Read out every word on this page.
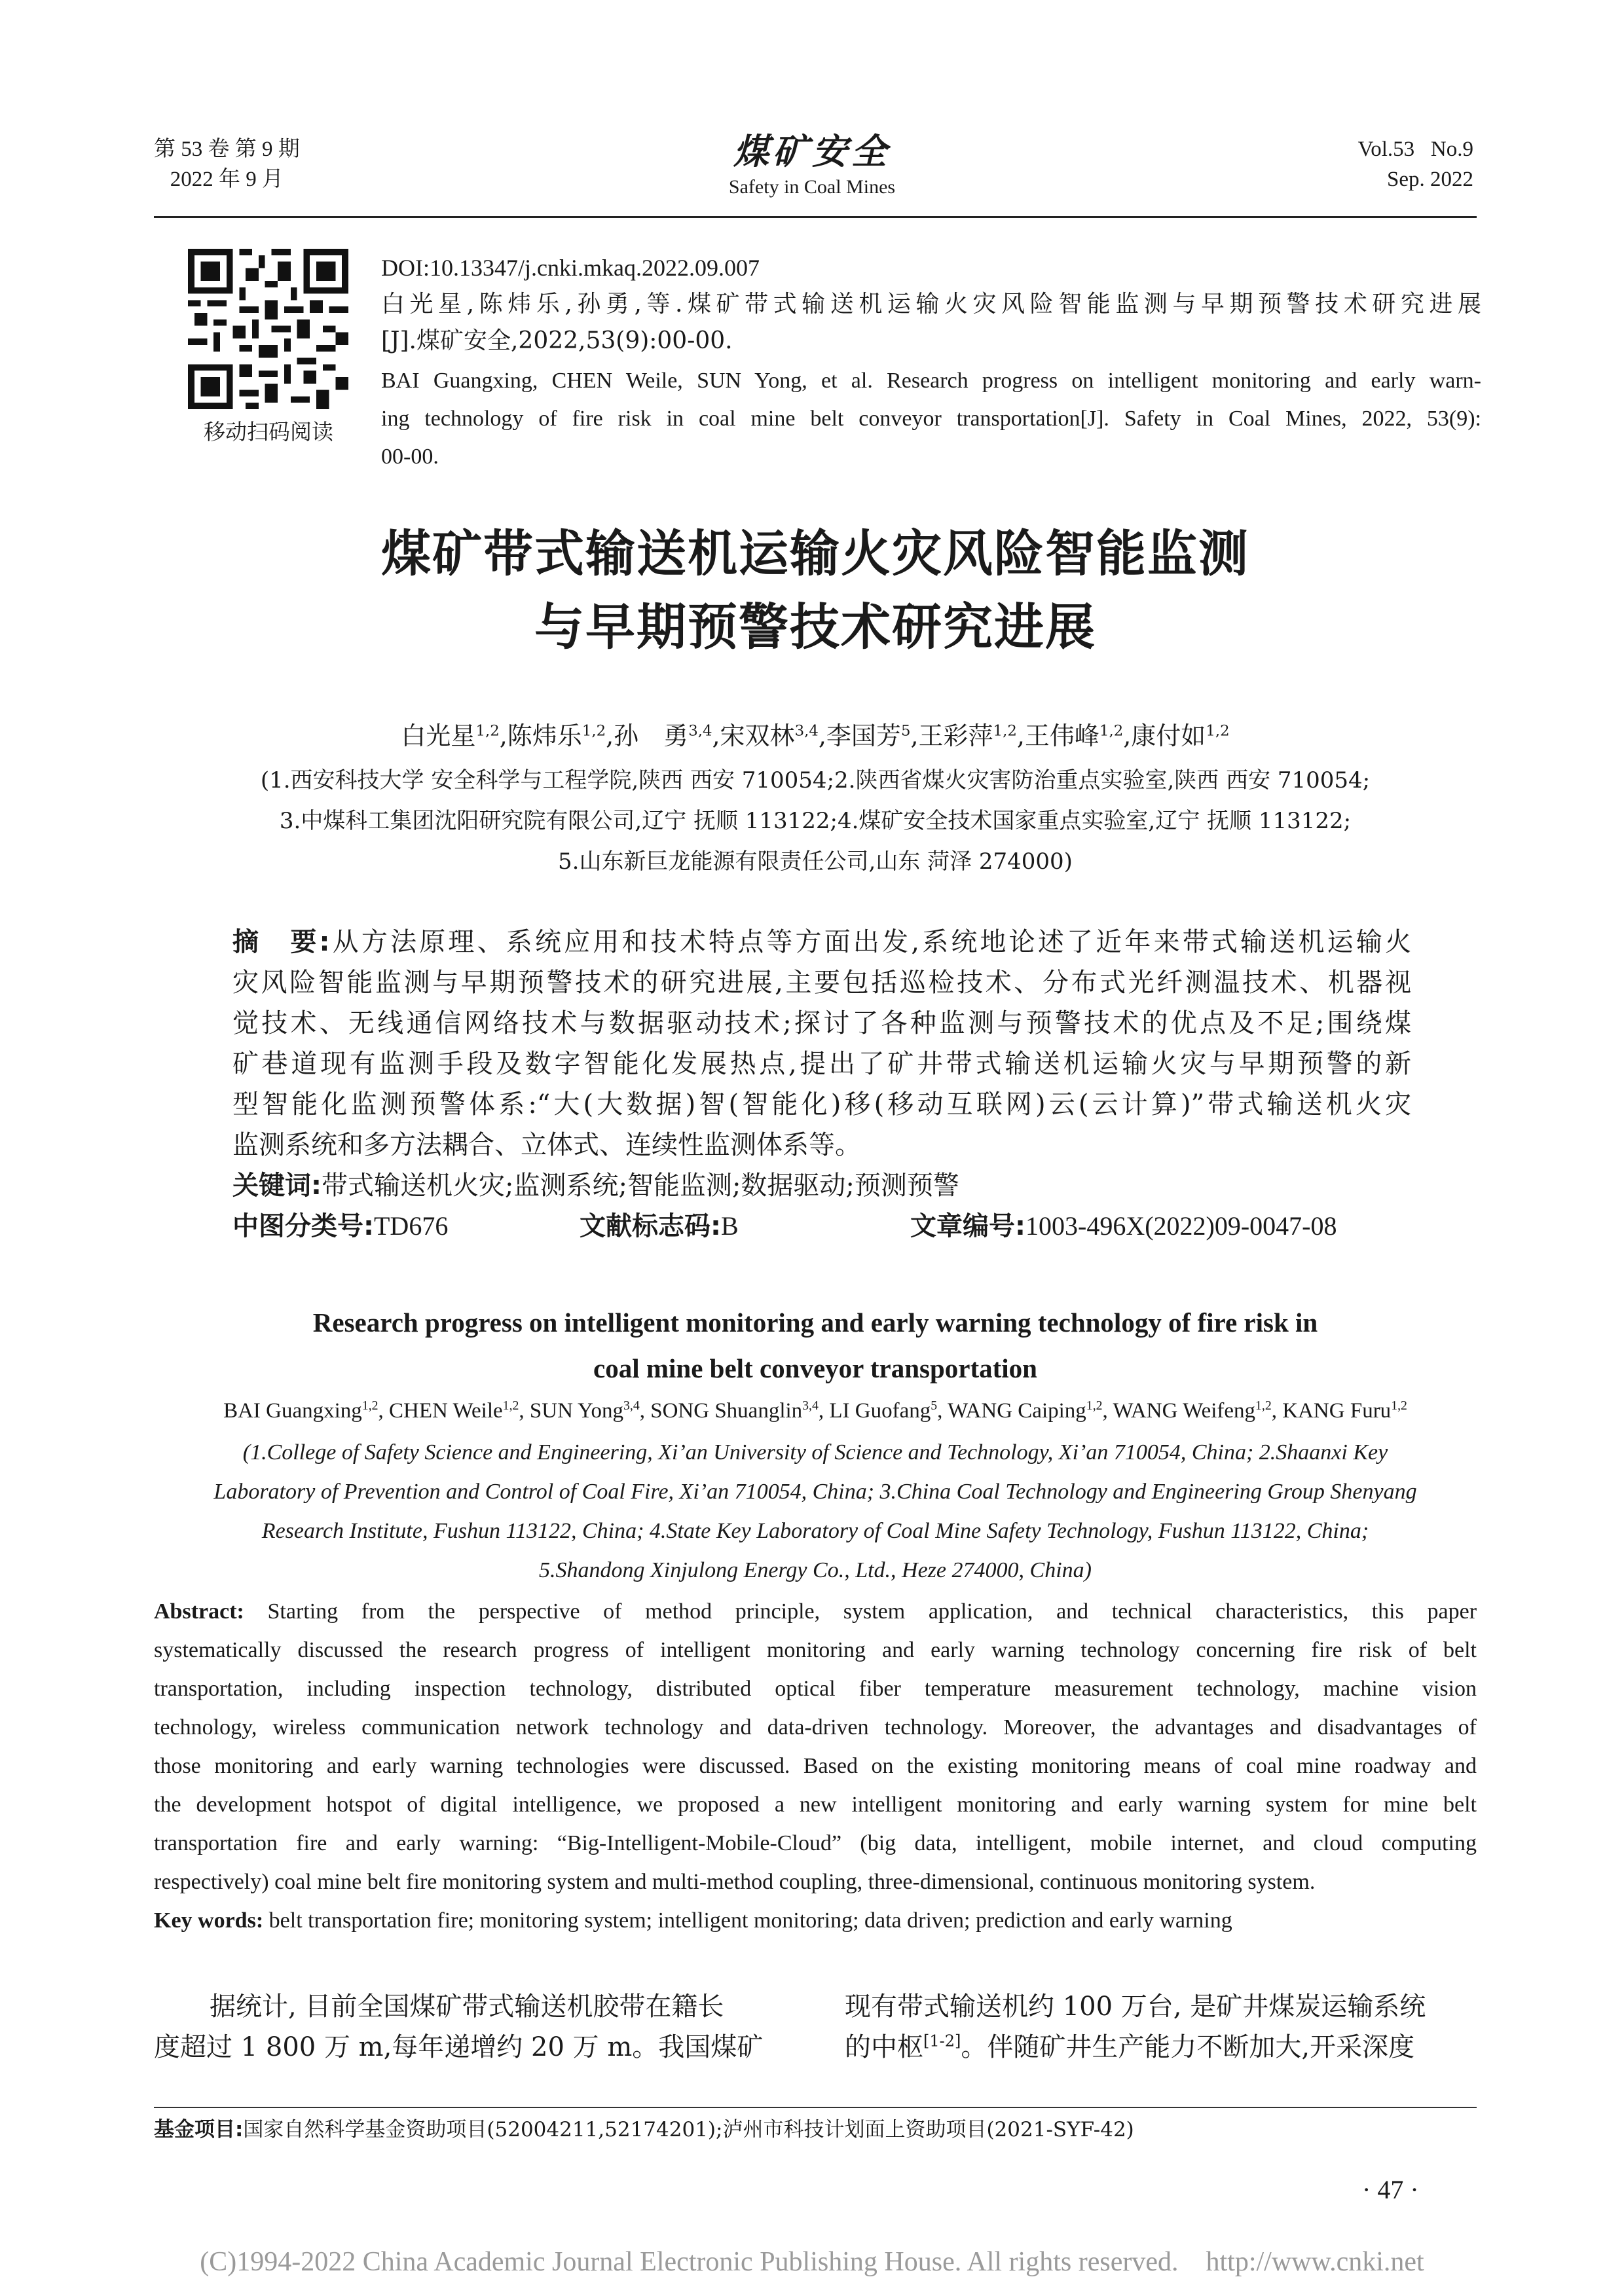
第 53 卷 第 9 期
2022 年 9 月
煤矿安全
Safety in Coal Mines
Vol.53   No.9
Sep. 2022
移动扫码阅读
DOI:10.13347/j.cnki.mkaq.2022.09.007
白光星,陈炜乐,孙勇,等.煤矿带式输送机运输火灾风险智能监测与早期预警技术研究进展
[J].煤矿安全,2022,53(9):00-00.
BAI Guangxing, CHEN Weile, SUN Yong, et al. Research progress on intelligent monitoring and early warn-
ing technology of fire risk in coal mine belt conveyor transportation[J]. Safety in Coal Mines, 2022, 53(9):
00-00.
煤矿带式输送机运输火灾风险智能监测
与早期预警技术研究进展
白光星$^{1,2}$,陈炜乐$^{1,2}$,孙　勇$^{3,4}$,宋双林$^{3,4}$,李国芳$^5$,王彩萍$^{1,2}$,王伟峰$^{1,2}$,康付如$^{1,2}$
(1.西安科技大学 安全科学与工程学院,陕西 西安 710054;2.陕西省煤火灾害防治重点实验室,陕西 西安 710054;
3.中煤科工集团沈阳研究院有限公司,辽宁 抚顺 113122;4.煤矿安全技术国家重点实验室,辽宁 抚顺 113122;
5.山东新巨龙能源有限责任公司,山东 菏泽 274000)
摘　要:从方法原理、系统应用和技术特点等方面出发,系统地论述了近年来带式输送机运输火
灾风险智能监测与早期预警技术的研究进展,主要包括巡检技术、分布式光纤测温技术、机器视
觉技术、无线通信网络技术与数据驱动技术;探讨了各种监测与预警技术的优点及不足;围绕煤
矿巷道现有监测手段及数字智能化发展热点,提出了矿井带式输送机运输火灾与早期预警的新
型智能化监测预警体系:“大(大数据)智(智能化)移(移动互联网)云(云计算)”带式输送机火灾
监测系统和多方法耦合、立体式、连续性监测体系等。
关键词:带式输送机火灾;监测系统;智能监测;数据驱动;预测预警
中图分类号:TD676	文献标志码:B	文章编号:1003-496X(2022)09-0047-08
Research progress on intelligent monitoring and early warning technology of fire risk in
coal mine belt conveyor transportation
BAI Guangxing$^{1,2}$, CHEN Weile$^{1,2}$, SUN Yong$^{3,4}$, SONG Shuanglin$^{3,4}$, LI Guofang$^5$, WANG Caiping$^{1,2}$, WANG Weifeng$^{1,2}$, KANG Furu$^{1,2}$
(1.College of Safety Science and Engineering, Xi’an University of Science and Technology, Xi’an 710054, China; 2.Shaanxi Key
Laboratory of Prevention and Control of Coal Fire, Xi’an 710054, China; 3.China Coal Technology and Engineering Group Shenyang
Research Institute, Fushun 113122, China; 4.State Key Laboratory of Coal Mine Safety Technology, Fushun 113122, China;
5.Shandong Xinjulong Energy Co., Ltd., Heze 274000, China)
Abstract: Starting from the perspective of method principle, system application, and technical characteristics, this paper
systematically discussed the research progress of intelligent monitoring and early warning technology concerning fire risk of belt
transportation, including inspection technology, distributed optical fiber temperature measurement technology, machine vision
technology, wireless communication network technology and data-driven technology. Moreover, the advantages and disadvantages of
those monitoring and early warning technologies were discussed. Based on the existing monitoring means of coal mine roadway and
the development hotspot of digital intelligence, we proposed a new intelligent monitoring and early warning system for mine belt
transportation fire and early warning: “Big-Intelligent-Mobile-Cloud” (big data, intelligent, mobile internet, and cloud computing
respectively) coal mine belt fire monitoring system and multi-method coupling, three-dimensional, continuous monitoring system.
Key words: belt transportation fire; monitoring system; intelligent monitoring; data driven; prediction and early warning
据统计, 目前全国煤矿带式输送机胶带在籍长
度超过 1 800 万 m,每年递增约 20 万 m。我国煤矿
现有带式输送机约 100 万台, 是矿井煤炭运输系统
的中枢[1-2]。伴随矿井生产能力不断加大,开采深度
基金项目:国家自然科学基金资助项目(52004211,52174201);泸州市科技计划面上资助项目(2021-SYF-42)
· 47 ·
(C)1994-2022 China Academic Journal Electronic Publishing House. All rights reserved.    http://www.cnki.net
